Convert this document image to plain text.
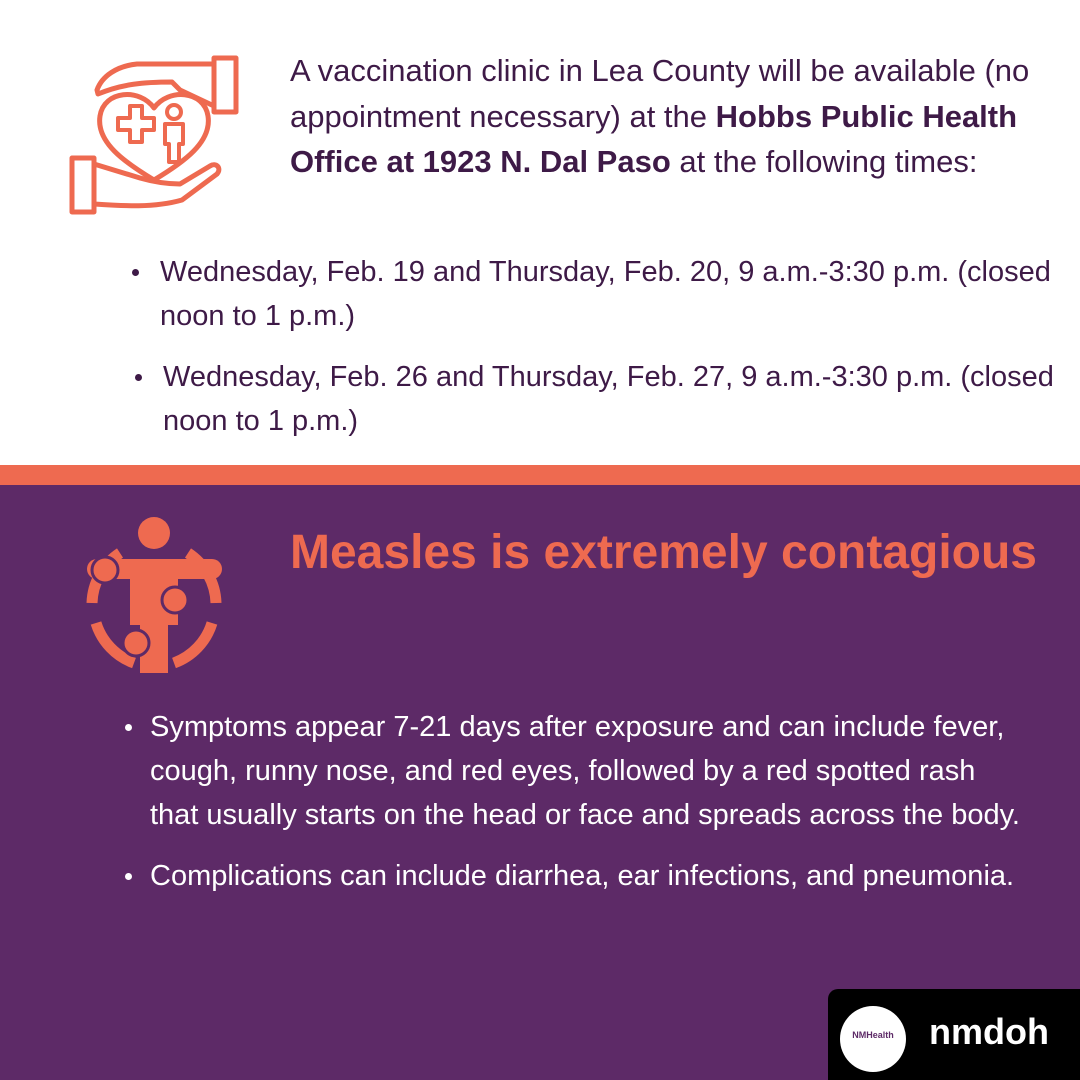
A vaccination clinic in Lea County will be available (no appointment necessary) at the Hobbs Public Health Office at 1923 N. Dal Paso at the following times:

Wednesday, Feb. 19 and Thursday, Feb. 20, 9 a.m.-3:30 p.m. (closed noon to 1 p.m.)
Wednesday, Feb. 26 and Thursday, Feb. 27, 9 a.m.-3:30 p.m. (closed noon to 1 p.m.)
Measles is extremely contagious
Symptoms appear 7-21 days after exposure and can include fever, cough, runny nose, and red eyes, followed by a red spotted rash that usually starts on the head or face and spreads across the body.
Complications can include diarrhea, ear infections, and pneumonia.
NMHealth nmdoh
